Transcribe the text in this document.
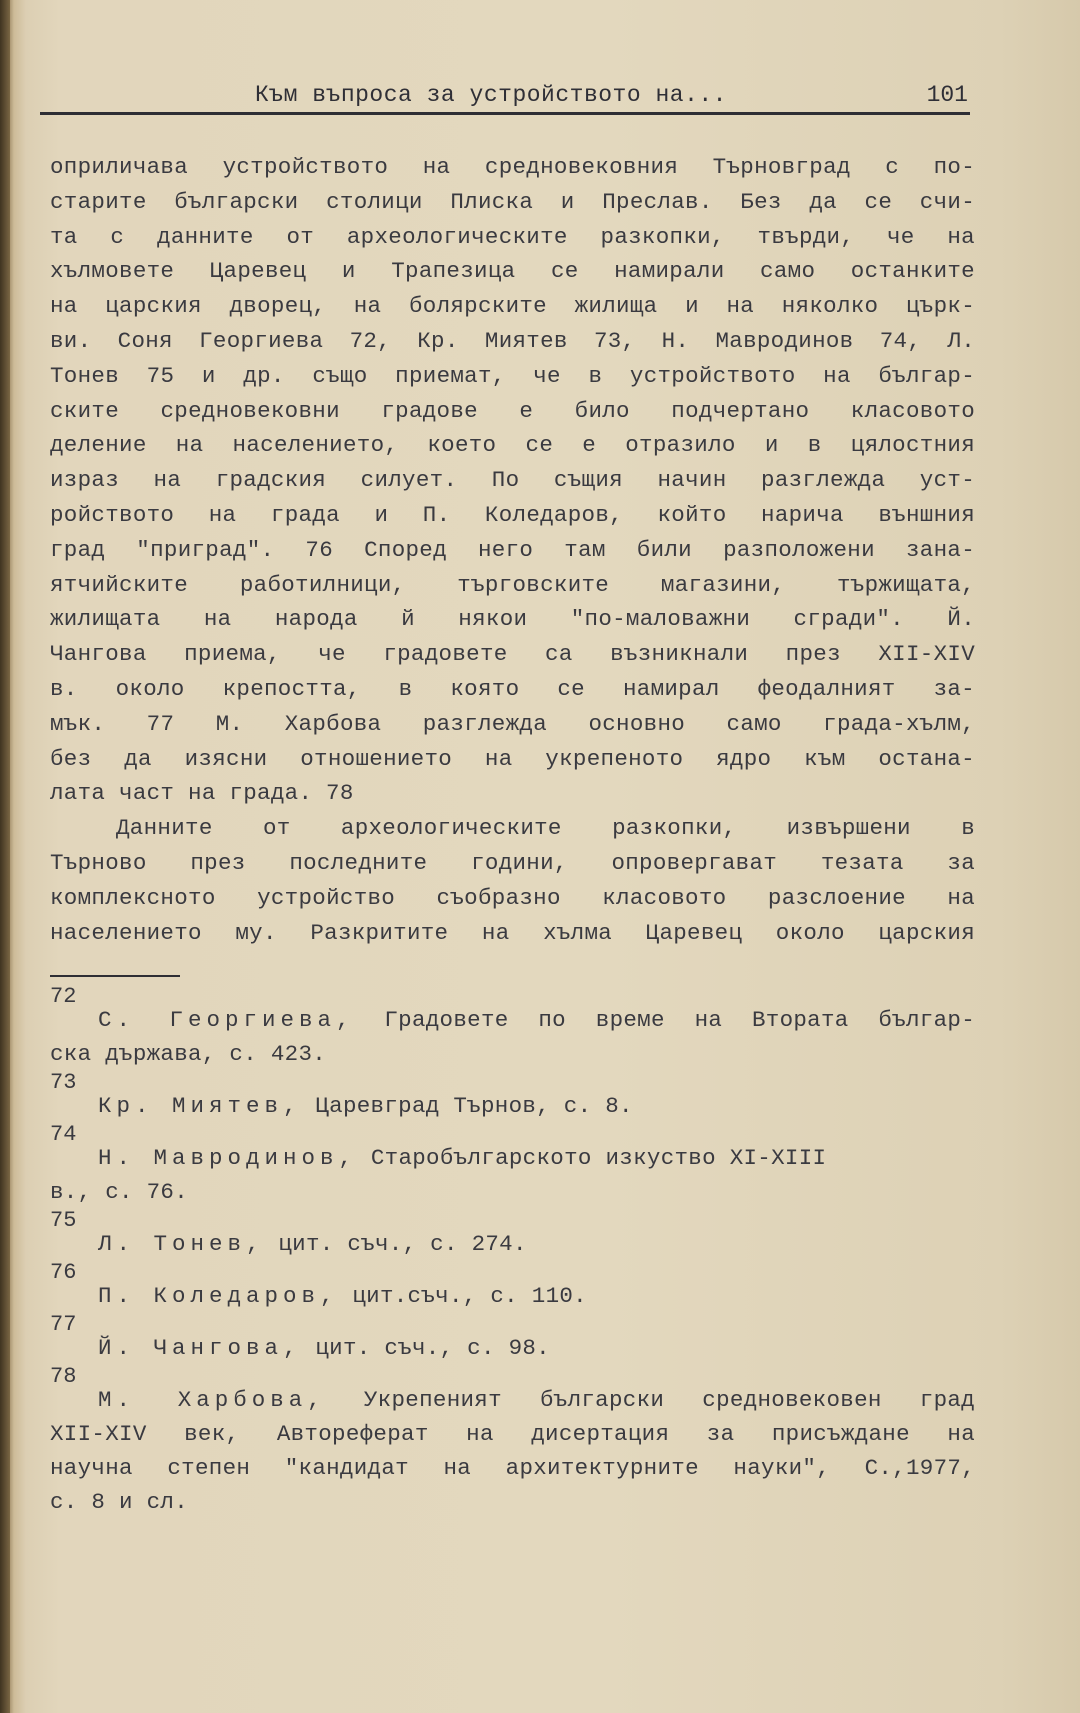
Към въпроса за устройството на...	101
оприличава устройството на средновековния Търновград с по-
старите български столици Плиска и Преслав. Без да се счи-
та с данните от археологическите разкопки, твърди, че на
хълмовете Царевец и Трапезица се намирали само останките
на царския дворец, на болярските жилища и на няколко църк-
ви. Соня Георгиева 72, Кр. Миятев 73, Н. Мавродинов 74, Л.
Тонев 75 и др. също приемат, че в устройството на българ-
ските средновековни градове е било подчертано класовото
деление на населението, което се е отразило и в цялостния
израз на градския силует. По същия начин разглежда уст-
ройството на града и П. Коледаров, който нарича външния
град "приград". 76 Според него там били разположени зана-
ятчийските работилници, търговските магазини, тържищата,
жилищата на народа й някои "по-маловажни сгради". Й.
Чангова приема, че градовете са възникнали през XII-XIV
в. около крепостта, в която се намирал феодалният за-
мък. 77 М. Харбова разглежда основно само града-хълм,
без да изясни отношението на укрепеното ядро към остана-
лата част на града. 78
Данните от археологическите разкопки, извършени в
Търново през последните години, опровергават тезата за
комплексното устройство съобразно класовото разслоение на
населението му. Разкритите на хълма Царевец около царския
72
С. Георгиева, Градовете по време на Втората българ-
ска държава, с. 423.
73
Кр. Миятев, Царевград Търнов, с. 8.
74
Н. Мавродинов, Старобългарското изкуство XI-XIII
в., с. 76.
75
Л. Тонев, цит. съч., с. 274.
76
П. Коледаров, цит.съч., с. 110.
77
Й. Чангова, цит. съч., с. 98.
78
М. Харбова, Укрепеният български средновековен град
XII-XIV век, Автореферат на дисертация за присъждане на
научна степен "кандидат на архитектурните науки", С.,1977,
с. 8 и сл.
